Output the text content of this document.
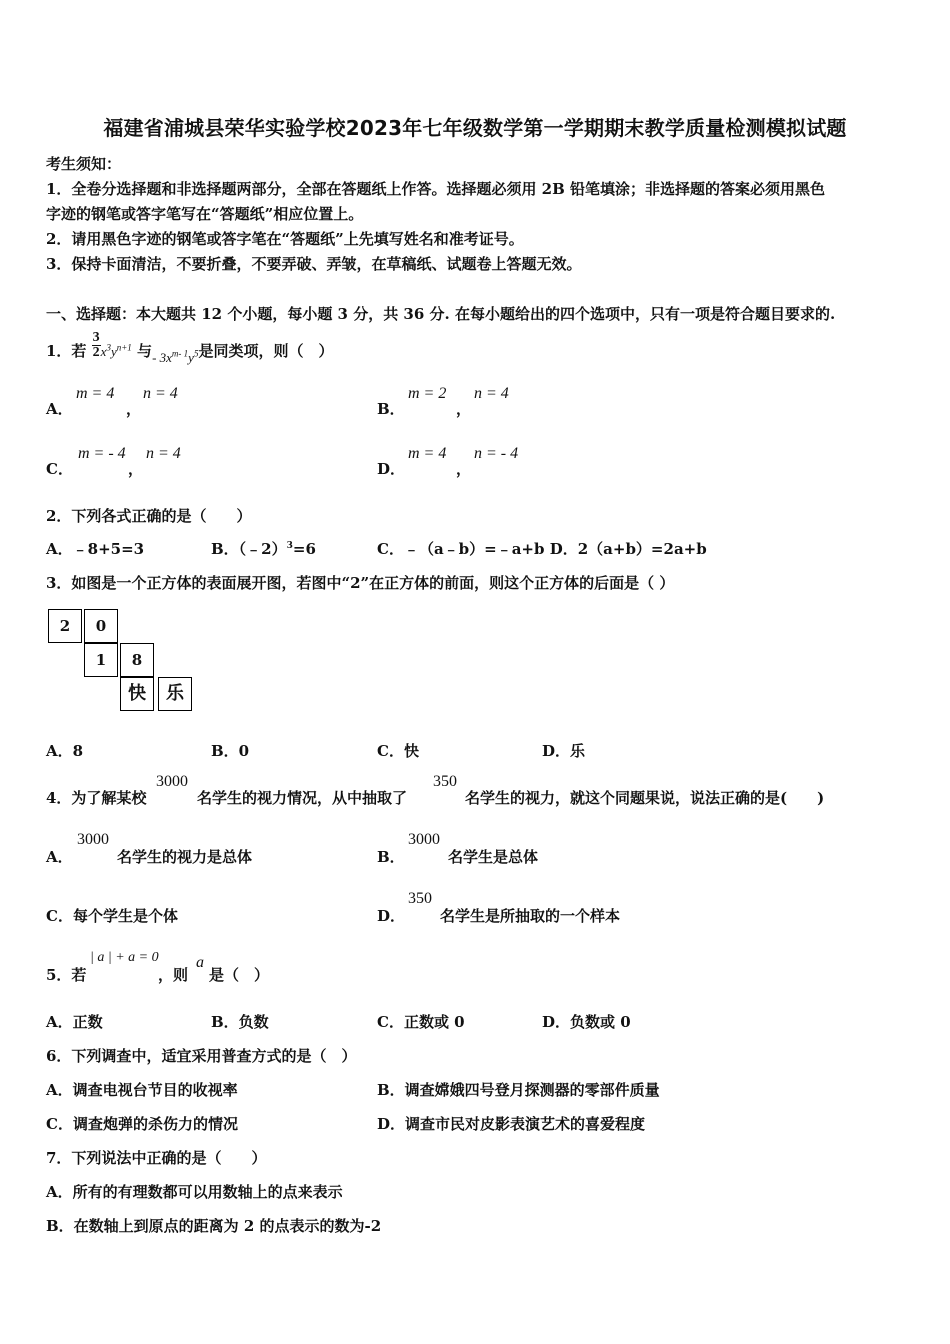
福建省浦城县荣华实验学校2023年七年级数学第一学期期末教学质量检测模拟试题
考生须知：
1．全卷分选择题和非选择题两部分，全部在答题纸上作答。选择题必须用 2B 铅笔填涂；非选择题的答案必须用黑色
字迹的钢笔或答字笔写在“答题纸”相应位置上。
2．请用黑色字迹的钢笔或答字笔在“答题纸”上先填写姓名和准考证号。
3．保持卡面清洁，不要折叠，不要弄破、弄皱，在草稿纸、试题卷上答题无效。
一、选择题：本大题共 12 个小题，每小题 3 分，共 36 分. 在每小题给出的四个选项中，只有一项是符合题目要求的.
1．若 $\frac{3}{2}x^3y^{n+1}$ 与- $3x^{m- 1}y^5$是同类项，则（　）
A．
m = 4
，
n = 4
B．
m = 2
，
n = 4
C．
m = - 4
，
n = 4
D．
m = 4
，
n = - 4
2．下列各式正确的是（　　）
A．﹣8+5=3	B．（﹣2）$^3$=6	C．﹣（a﹣b）=﹣a+b D．2（a+b）=2a+b
3．如图是一个正方体的表面展开图，若图中“2”在正方体的前面，则这个正方体的后面是（ ）
2	0
1	8
快	乐
A．8	B．0	C．快	D．乐
4．为了解某校
3000
名学生的视力情况，从中抽取了
350
名学生的视力，就这个同题果说，说法正确的是(　　)
A．
3000
名学生的视力是总体	B．
3000
名学生是总体
C．每个学生是个体	D．
350
名学生是所抽取的一个样本
5．若
| a | + a = 0
，则
a
是（　）
A．正数	B．负数	C．正数或 0	D．负数或 0
6．下列调查中，适宜采用普查方式的是（　）
A．调查电视台节目的收视率	B．调查嫦娥四号登月探测器的零部件质量
C．调查炮弹的杀伤力的情况	D．调查市民对皮影表演艺术的喜爱程度
7．下列说法中正确的是（　　）
A．所有的有理数都可以用数轴上的点来表示
B．在数轴上到原点的距离为 2 的点表示的数为-2
